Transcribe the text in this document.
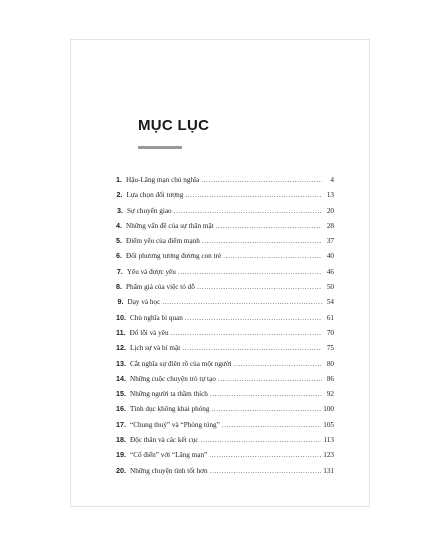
MỤC LỤC
1. Hậu-Lãng mạn chủ nghĩa .....	4
2. Lựa chọn đối tượng .....	13
3. Sự chuyển giao .....	20
4. Những vấn đề của sự thân mật .....	28
5. Điểm yếu của điểm mạnh .....	37
6. Đối phương tương đương con trẻ .....	40
7. Yêu và được yêu .....	46
8. Phẩm giá của việc tỏ dỗ .....	50
9. Dạy và học .....	54
10. Chủ nghĩa bi quan .....	61
11. Đổ lỗi và yêu .....	70
12. Lịch sự và bí mật .....	75
13. Cắt nghĩa sự điên rồ của một người .....	80
14. Những cuộc chuyện trò tự tạo .....	86
15. Những người ta thầm thích .....	92
16. Tình dục không khai phóng .....	100
17. “Chung thuỷ” và “Phóng túng” .....	105
18. Độc thân và các kết cục .....	113
19. “Cổ điển” với “Lãng mạn” .....	123
20. Những chuyện tình tốt hơn .....	131
